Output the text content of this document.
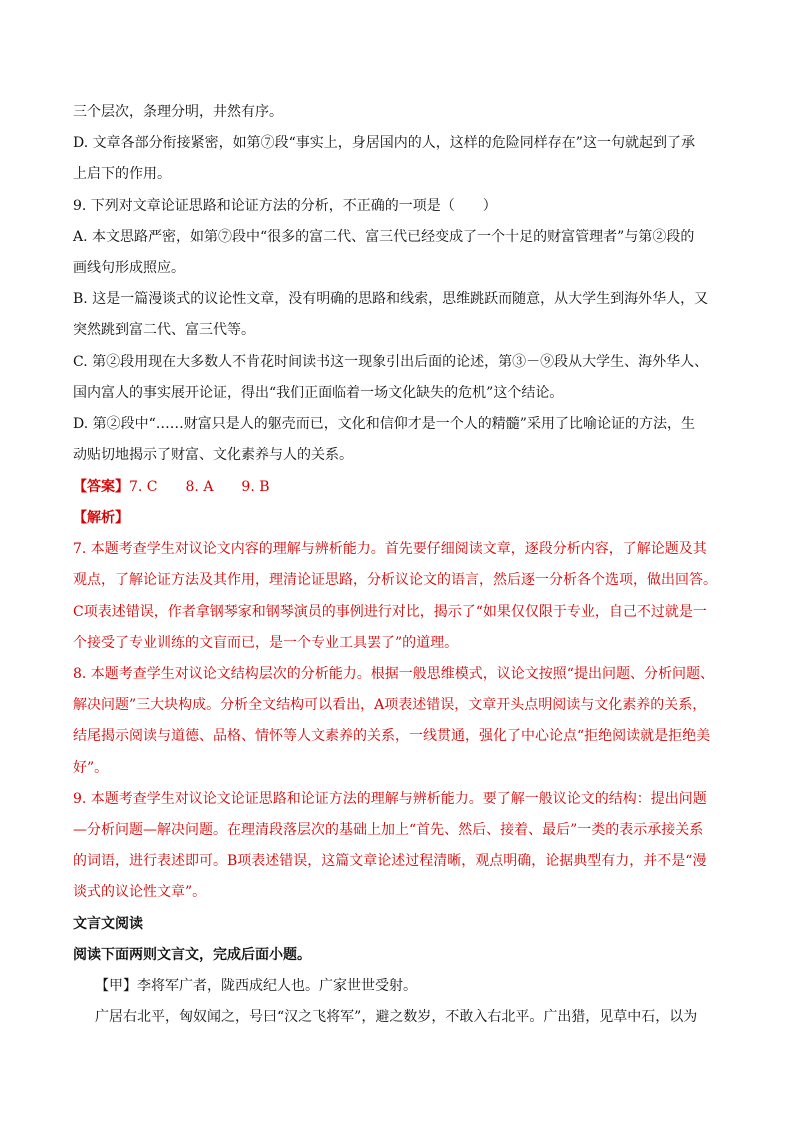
三个层次，条理分明，井然有序。
D. 文章各部分衔接紧密，如第⑦段“事实上，身居国内的人，这样的危险同样存在”这一句就起到了承
上启下的作用。
9. 下列对文章论证思路和论证方法的分析，不正确的一项是（　　）
A. 本文思路严密，如第⑦段中“很多的富二代、富三代已经变成了一个十足的财富管理者”与第②段的
画线句形成照应。
B. 这是一篇漫谈式的议论性文章，没有明确的思路和线索，思维跳跃而随意，从大学生到海外华人，又
突然跳到富二代、富三代等。
C. 第②段用现在大多数人不肯花时间读书这一现象引出后面的论述，第③－⑨段从大学生、海外华人、
国内富人的事实展开论证，得出“我们正面临着一场文化缺失的危机”这个结论。
D. 第②段中“……财富只是人的躯壳而已，文化和信仰才是一个人的精髓”采用了比喻论证的方法，生
动贴切地揭示了财富、文化素养与人的关系。
【答案】7. C　　8. A　　9. B
【解析】
7. 本题考查学生对议论文内容的理解与辨析能力。首先要仔细阅读文章，逐段分析内容，了解论题及其
观点，了解论证方法及其作用，理清论证思路，分析议论文的语言，然后逐一分析各个选项，做出回答。
C项表述错误，作者拿钢琴家和钢琴演员的事例进行对比，揭示了“如果仅仅限于专业，自己不过就是一
个接受了专业训练的文盲而已，是一个专业工具罢了”的道理。
8. 本题考查学生对议论文结构层次的分析能力。根据一般思维模式，议论文按照“提出问题、分析问题、
解决问题”三大块构成。分析全文结构可以看出，A项表述错误，文章开头点明阅读与文化素养的关系，
结尾揭示阅读与道德、品格、情怀等人文素养的关系，一线贯通，强化了中心论点“拒绝阅读就是拒绝美
好”。
9. 本题考查学生对议论文论证思路和论证方法的理解与辨析能力。要了解一般议论文的结构：提出问题
—分析问题—解决问题。在理清段落层次的基础上加上“首先、然后、接着、最后”一类的表示承接关系
的词语，进行表述即可。B项表述错误，这篇文章论述过程清晰，观点明确，论据典型有力，并不是“漫
谈式的议论性文章”。
文言文阅读
阅读下面两则文言文，完成后面小题。
【甲】李将军广者，陇西成纪人也。广家世世受射。
广居右北平，匈奴闻之，号曰“汉之飞将军”，避之数岁，不敢入右北平。广出猎，见草中石，以为
